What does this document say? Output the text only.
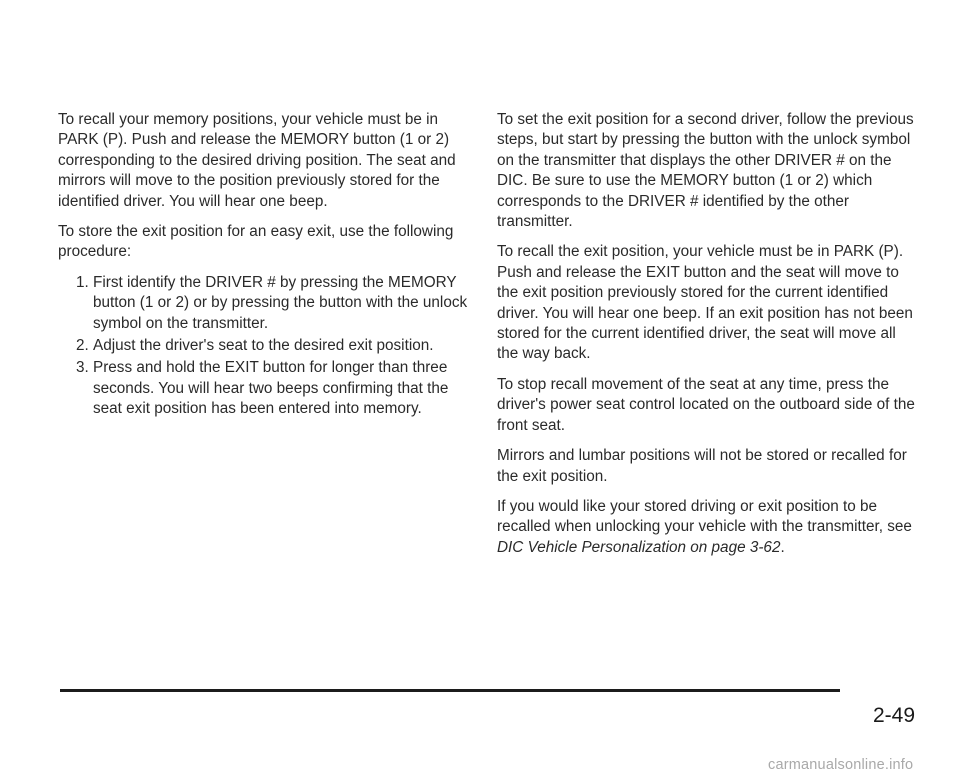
To recall your memory positions, your vehicle must be in PARK (P). Push and release the MEMORY button (1 or 2) corresponding to the desired driving position. The seat and mirrors will move to the position previously stored for the identified driver. You will hear one beep.

To store the exit position for an easy exit, use the following procedure:

1. First identify the DRIVER # by pressing the MEMORY button (1 or 2) or by pressing the button with the unlock symbol on the transmitter.
2. Adjust the driver's seat to the desired exit position.
3. Press and hold the EXIT button for longer than three seconds. You will hear two beeps confirming that the seat exit position has been entered into memory.

To set the exit position for a second driver, follow the previous steps, but start by pressing the button with the unlock symbol on the transmitter that displays the other DRIVER # on the DIC. Be sure to use the MEMORY button (1 or 2) which corresponds to the DRIVER # identified by the other transmitter.

To recall the exit position, your vehicle must be in PARK (P). Push and release the EXIT button and the seat will move to the exit position previously stored for the current identified driver. You will hear one beep. If an exit position has not been stored for the current identified driver, the seat will move all the way back.

To stop recall movement of the seat at any time, press the driver's power seat control located on the outboard side of the front seat.

Mirrors and lumbar positions will not be stored or recalled for the exit position.

If you would like your stored driving or exit position to be recalled when unlocking your vehicle with the transmitter, see DIC Vehicle Personalization on page 3-62.

2-49
carmanualsonline.info
